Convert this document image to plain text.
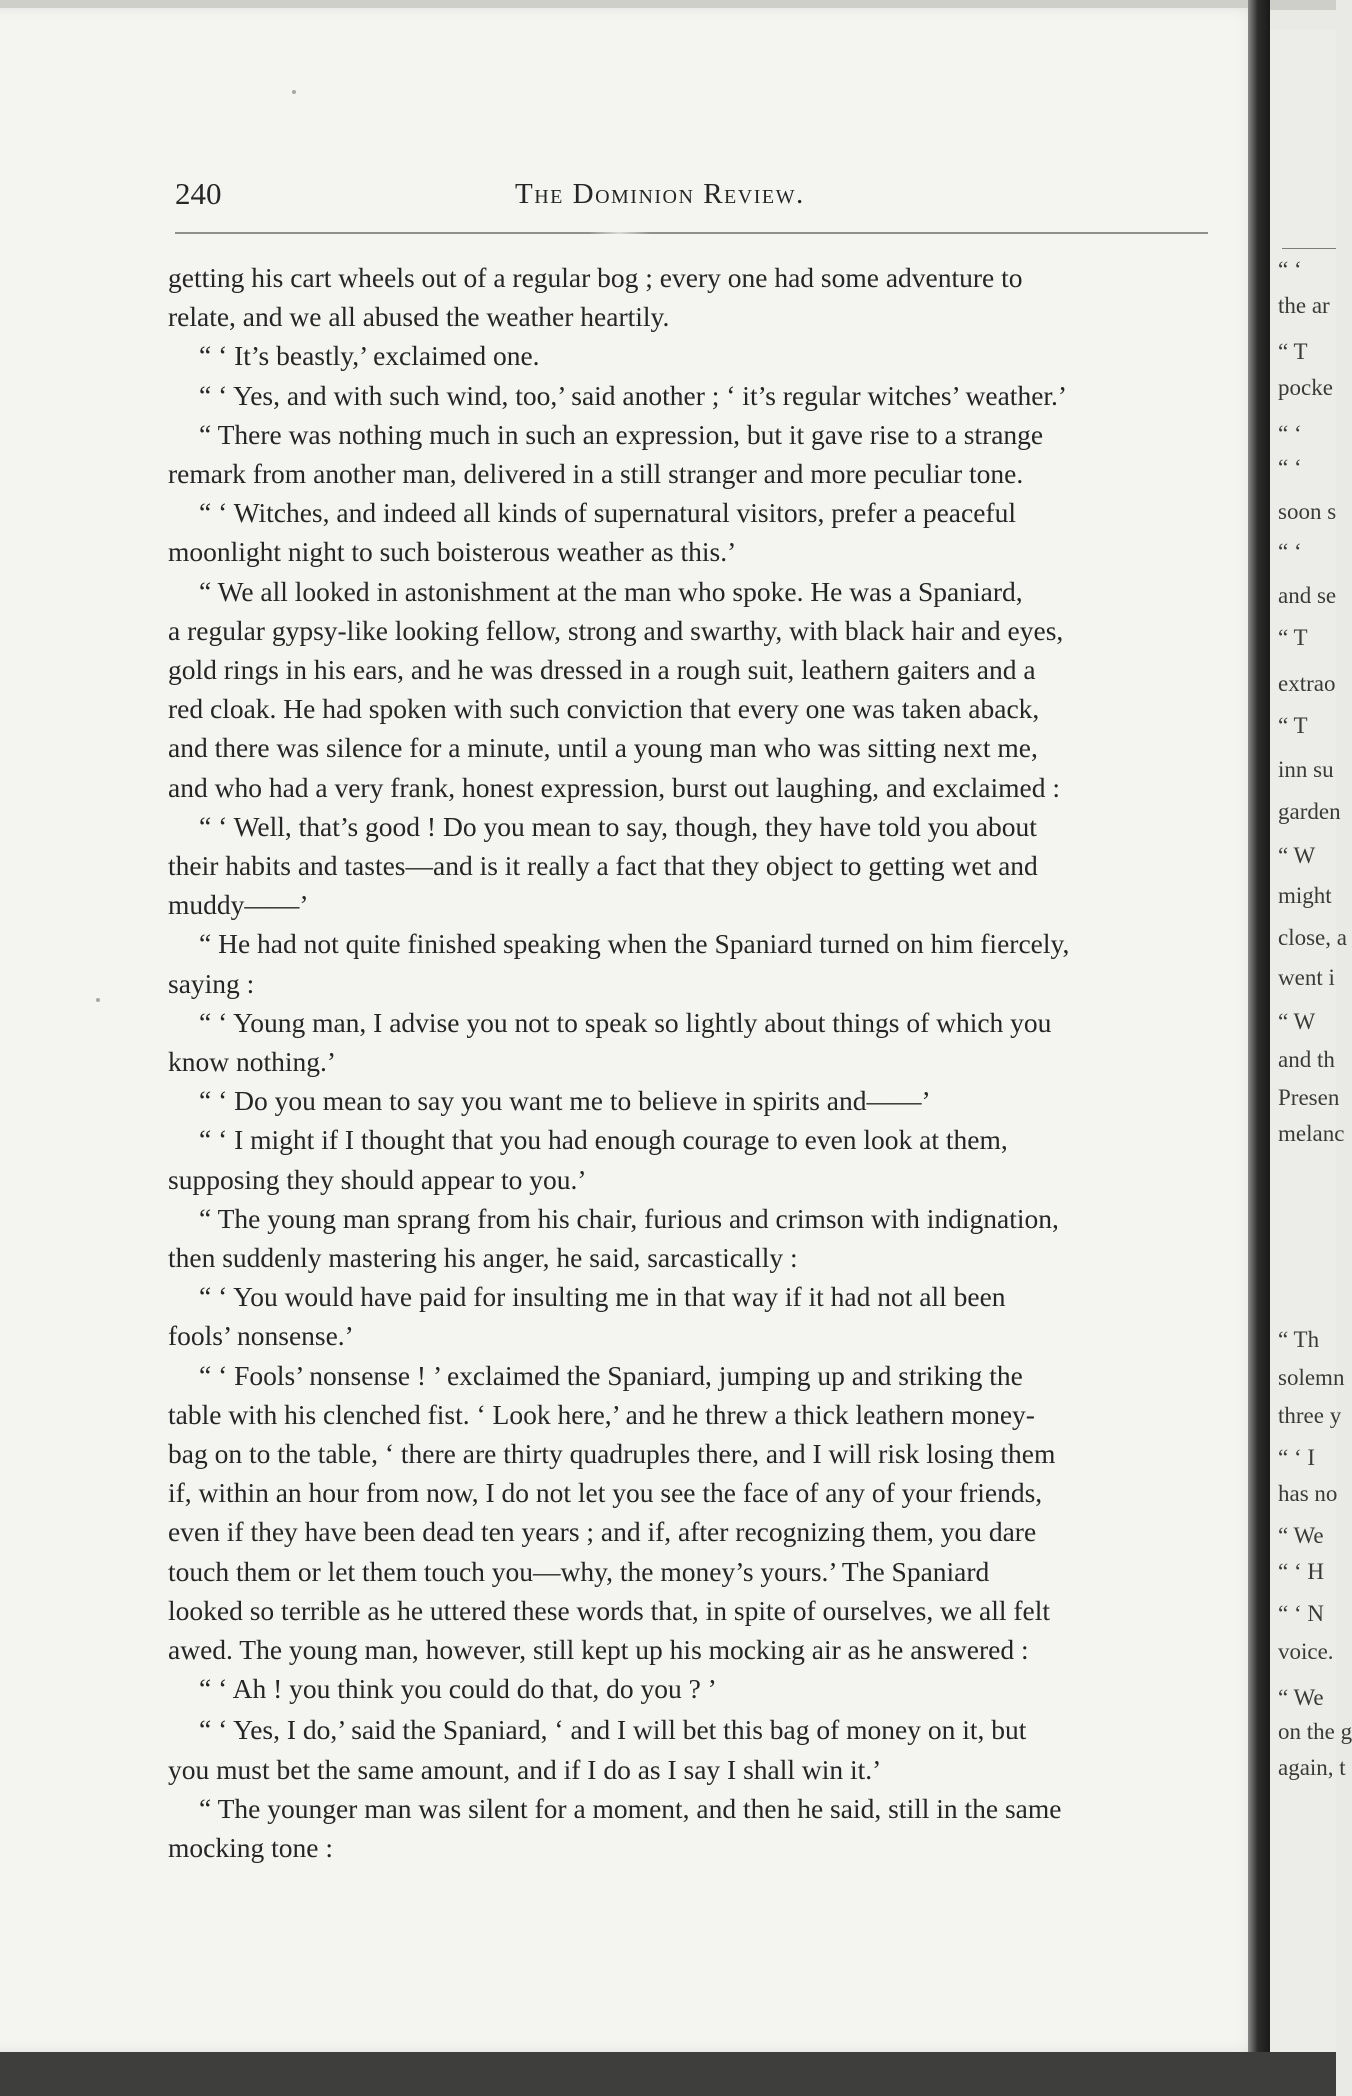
“ ‘
the ar
“ T
pocke
“ ‘
“ ‘
soon s
“ ‘
and se
“ T
extrao
“ T
inn su
garden
“ W
might
close, a
went i
“ W
and th
Presen
melanc
“ Th
solemn
three y
“ ‘ I
has no
“ We
“ ‘ H
“ ‘ N
voice.
“ We
on the g
again, t
240	The Dominion Review.
getting his cart wheels out of a regular bog ; every one had some adventure to
relate, and we all abused the weather heartily.
“ ‘ It’s beastly,’ exclaimed one.
“ ‘ Yes, and with such wind, too,’ said another ; ‘ it’s regular witches’ weather.’
“ There was nothing much in such an expression, but it gave rise to a strange
remark from another man, delivered in a still stranger and more peculiar tone.
“ ‘ Witches, and indeed all kinds of supernatural visitors, prefer a peaceful
moonlight night to such boisterous weather as this.’
“ We all looked in astonishment at the man who spoke. He was a Spaniard,
a regular gypsy-like looking fellow, strong and swarthy, with black hair and eyes,
gold rings in his ears, and he was dressed in a rough suit, leathern gaiters and a
red cloak. He had spoken with such conviction that every one was taken aback,
and there was silence for a minute, until a young man who was sitting next me,
and who had a very frank, honest expression, burst out laughing, and exclaimed :
“ ‘ Well, that’s good ! Do you mean to say, though, they have told you about
their habits and tastes—and is it really a fact that they object to getting wet and
muddy——’
“ He had not quite finished speaking when the Spaniard turned on him fiercely,
saying :
“ ‘ Young man, I advise you not to speak so lightly about things of which you
know nothing.’
“ ‘ Do you mean to say you want me to believe in spirits and——’
“ ‘ I might if I thought that you had enough courage to even look at them,
supposing they should appear to you.’
“ The young man sprang from his chair, furious and crimson with indignation,
then suddenly mastering his anger, he said, sarcastically :
“ ‘ You would have paid for insulting me in that way if it had not all been
fools’ nonsense.’
“ ‘ Fools’ nonsense ! ’ exclaimed the Spaniard, jumping up and striking the
table with his clenched fist. ‘ Look here,’ and he threw a thick leathern money-
bag on to the table, ‘ there are thirty quadruples there, and I will risk losing them
if, within an hour from now, I do not let you see the face of any of your friends,
even if they have been dead ten years ; and if, after recognizing them, you dare
touch them or let them touch you—why, the money’s yours.’ The Spaniard
looked so terrible as he uttered these words that, in spite of ourselves, we all felt
awed. The young man, however, still kept up his mocking air as he answered :
“ ‘ Ah ! you think you could do that, do you ? ’
“ ‘ Yes, I do,’ said the Spaniard, ‘ and I will bet this bag of money on it, but
you must bet the same amount, and if I do as I say I shall win it.’
“ The younger man was silent for a moment, and then he said, still in the same
mocking tone :
